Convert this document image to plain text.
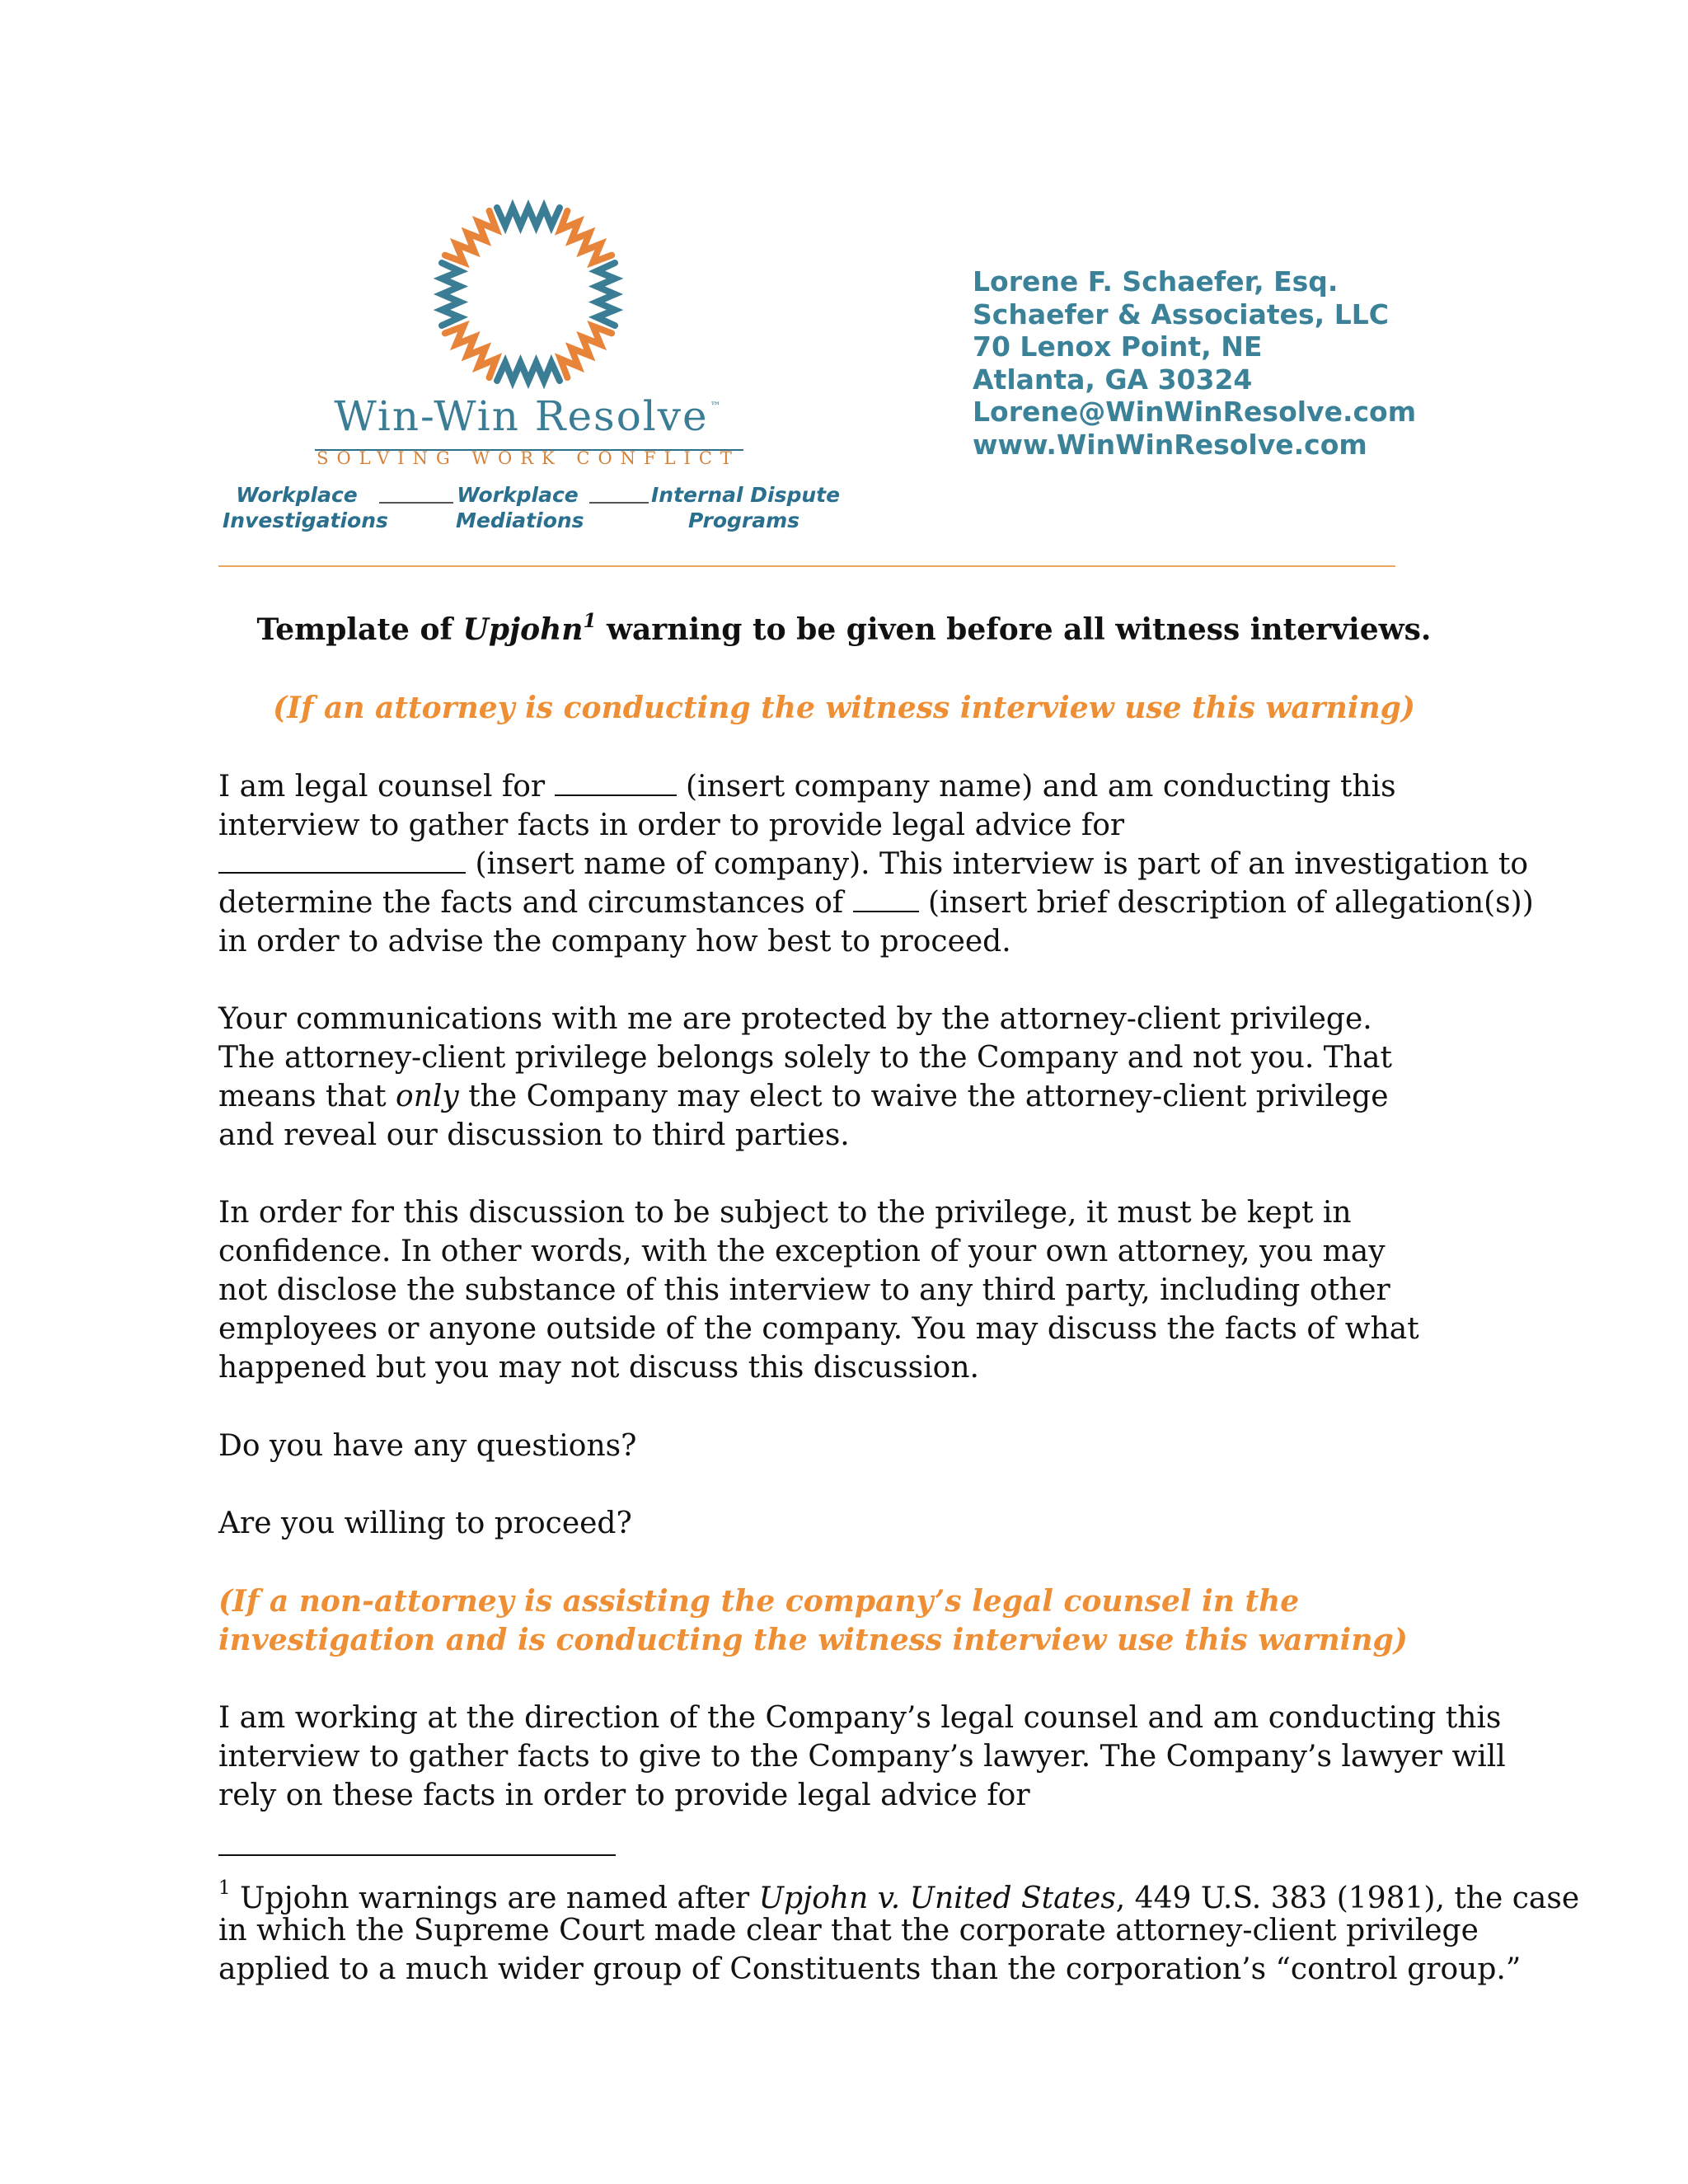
Win-Win Resolve ™
SOLVING WORK CONFLICT
Workplace
Investigations
Workplace
Mediations
Internal Dispute
Programs
Lorene F. Schaefer, Esq.
Schaefer & Associates, LLC
70 Lenox Point, NE
Atlanta, GA 30324
Lorene@WinWinResolve.com
www.WinWinResolve.com
Template of Upjohn$^1$ warning to be given before all witness interviews.
(If an attorney is conducting the witness interview use this warning)
I am legal counsel for	(insert company name) and am conducting this
interview to gather facts in order to provide legal advice for
(insert name of company). This interview is part of an investigation to
determine the facts and circumstances of  (insert brief description of allegation(s))
in order to advise the company how best to proceed.
Your communications with me are protected by the attorney-client privilege.
The attorney-client privilege belongs solely to the Company and not you. That
means that only the Company may elect to waive the attorney-client privilege
and reveal our discussion to third parties.
In order for this discussion to be subject to the privilege, it must be kept in
confidence. In other words, with the exception of your own attorney, you may
not disclose the substance of this interview to any third party, including other
employees or anyone outside of the company. You may discuss the facts of what
happened but you may not discuss this discussion.
Do you have any questions?
Are you willing to proceed?
(If a non-attorney is assisting the company’s legal counsel in the investigation and is conducting the witness interview use this warning)
I am working at the direction of the Company’s legal counsel and am conducting this
interview to gather facts to give to the Company’s lawyer. The Company’s lawyer will
rely on these facts in order to provide legal advice for
$^1$ Upjohn warnings are named after Upjohn v. United States, 449 U.S. 383 (1981), the case
in which the Supreme Court made clear that the corporate attorney-client privilege
applied to a much wider group of Constituents than the corporation’s “control group.”
